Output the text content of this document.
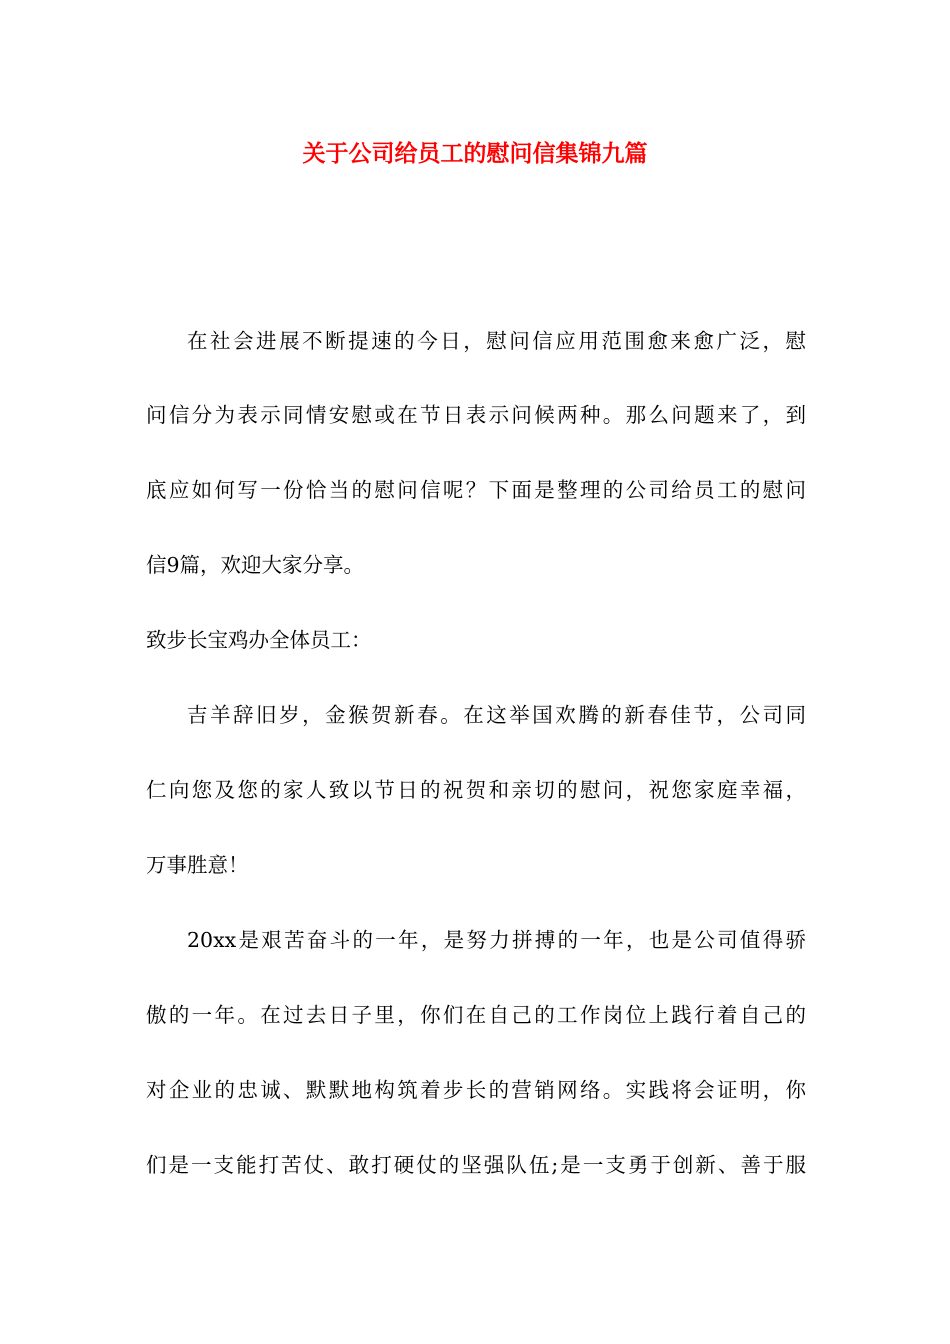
关于公司给员工的慰问信集锦九篇
在社会进展不断提速的今日，慰问信应用范围愈来愈广泛，慰
问信分为表示同情安慰或在节日表示问候两种。那么问题来了，到
底应如何写一份恰当的慰问信呢？下面是整理的公司给员工的慰问
信9篇，欢迎大家分享。
致步长宝鸡办全体员工：
吉羊辞旧岁，金猴贺新春。在这举国欢腾的新春佳节，公司同
仁向您及您的家人致以节日的祝贺和亲切的慰问，祝您家庭幸福，
万事胜意！
20xx是艰苦奋斗的一年，是努力拼搏的一年，也是公司值得骄
傲的一年。在过去日子里，你们在自己的工作岗位上践行着自己的
对企业的忠诚、默默地构筑着步长的营销网络。实践将会证明，你
们是一支能打苦仗、敢打硬仗的坚强队伍;是一支勇于创新、善于服
